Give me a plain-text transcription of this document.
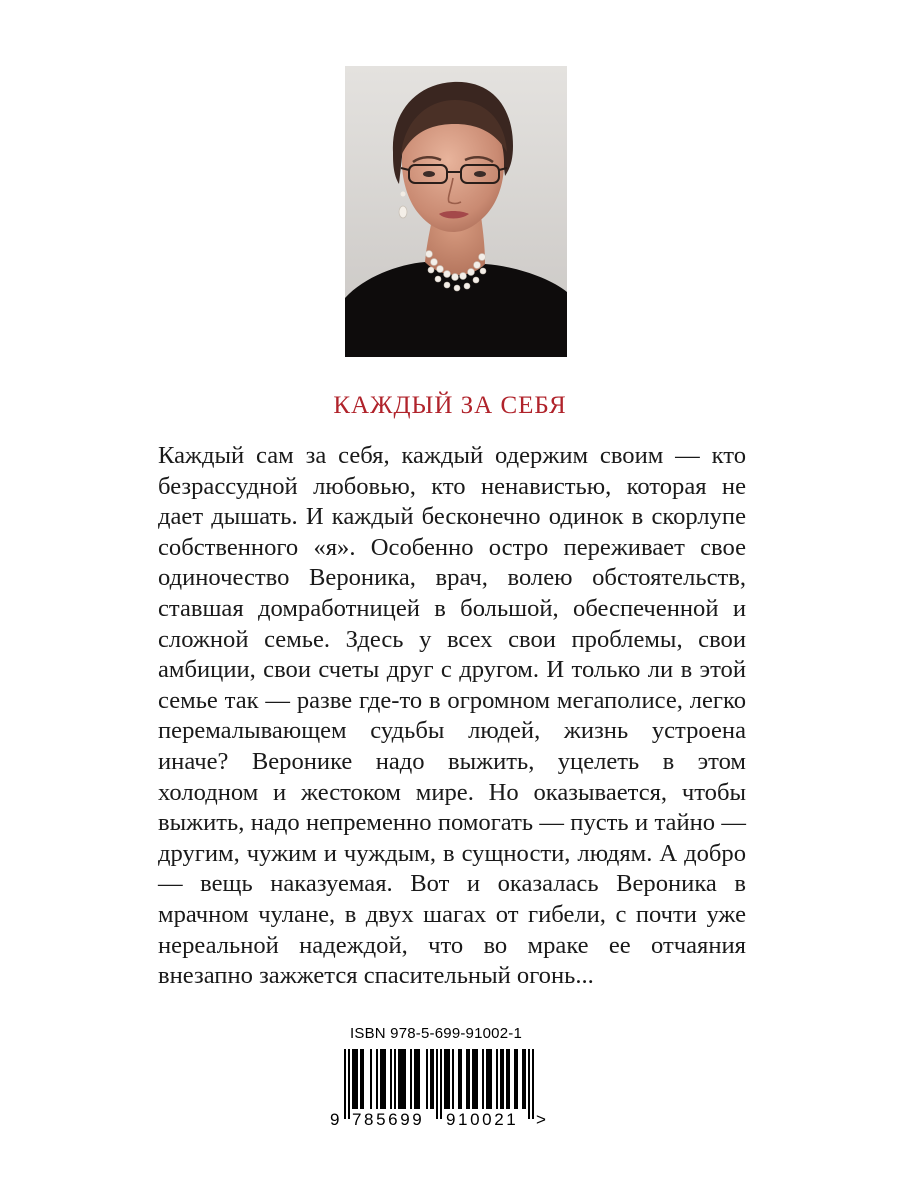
КАЖДЫЙ ЗА СЕБЯ

Каждый сам за себя, каждый одержим своим — кто безрассудной любовью, кто ненавистью, которая не дает дышать. И каждый бесконечно одинок в скорлупе собственного «я». Особенно остро переживает свое одиночество Вероника, врач, волею обстоятельств, ставшая домработницей в большой, обеспеченной и сложной семье. Здесь у всех свои проблемы, свои амбиции, свои счеты друг с другом. И только ли в этой семье так — разве где-то в огромном мегаполисе, легко перемалывающем судьбы людей, жизнь устроена иначе? Веронике надо выжить, уцелеть в этом холодном и жестоком мире. Но оказывается, чтобы выжить, надо непременно помогать — пусть и тайно — другим, чужим и чуждым, в сущности, людям. А добро — вещь наказуемая. Вот и оказалась Вероника в мрачном чулане, в двух шагах от гибели, с почти уже нереальной надеждой, что во мраке ее отчаяния внезапно зажжется спасительный огонь...

ISBN 978-5-699-91002-1
9 785699 910021 >
